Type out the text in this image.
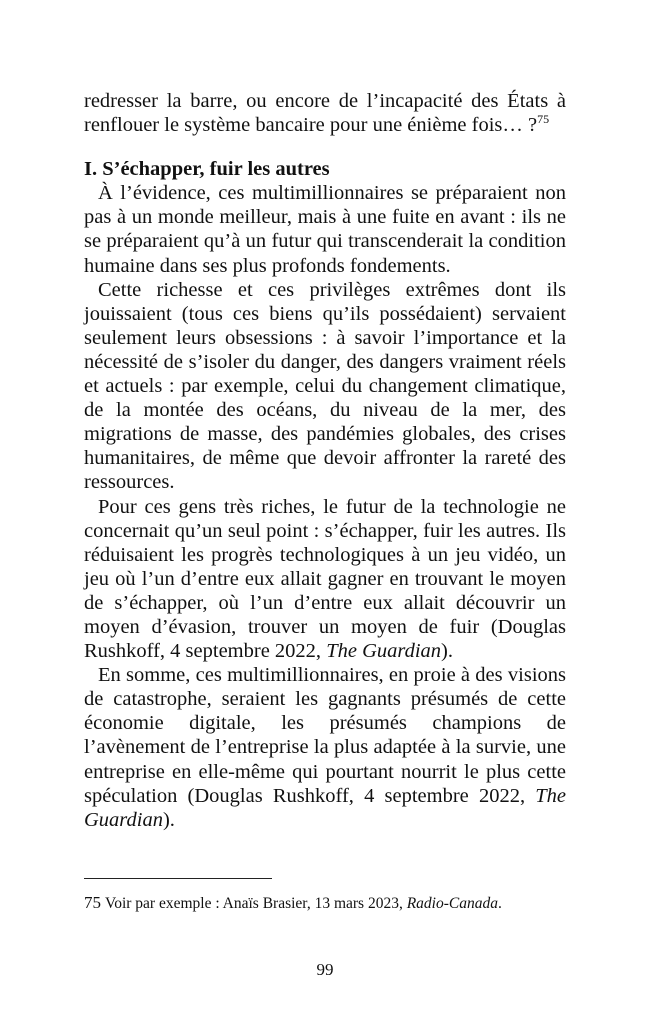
redresser la barre, ou encore de l’incapacité des États à renflouer le système bancaire pour une énième fois… ?$^{75}$

I. S’échapper, fuir les autres

À l’évidence, ces multimillionnaires se préparaient non pas à un monde meilleur, mais à une fuite en avant : ils ne se préparaient qu’à un futur qui transcenderait la condition humaine dans ses plus profonds fondements.

Cette richesse et ces privilèges extrêmes dont ils jouissaient (tous ces biens qu’ils possédaient) servaient seulement leurs obsessions : à savoir l’importance et la nécessité de s’isoler du danger, des dangers vraiment réels et actuels : par exemple, celui du changement climatique, de la montée des océans, du niveau de la mer, des migrations de masse, des pandémies globales, des crises humanitaires, de même que devoir affronter la rareté des ressources.

Pour ces gens très riches, le futur de la technologie ne concernait qu’un seul point : s’échapper, fuir les autres. Ils réduisaient les progrès technologiques à un jeu vidéo, un jeu où l’un d’entre eux allait gagner en trouvant le moyen de s’échapper, où l’un d’entre eux allait découvrir un moyen d’évasion, trouver un moyen de fuir (Douglas Rushkoff, 4 septembre 2022, The Guardian).

En somme, ces multimillionnaires, en proie à des visions de catastrophe, seraient les gagnants présumés de cette économie digitale, les présumés champions de l’avènement de l’entreprise la plus adaptée à la survie, une entreprise en elle-même qui pourtant nourrit le plus cette spéculation (Douglas Rushkoff, 4 septembre 2022, The Guardian).

75 Voir par exemple : Anaïs Brasier, 13 mars 2023, Radio-Canada.
99
